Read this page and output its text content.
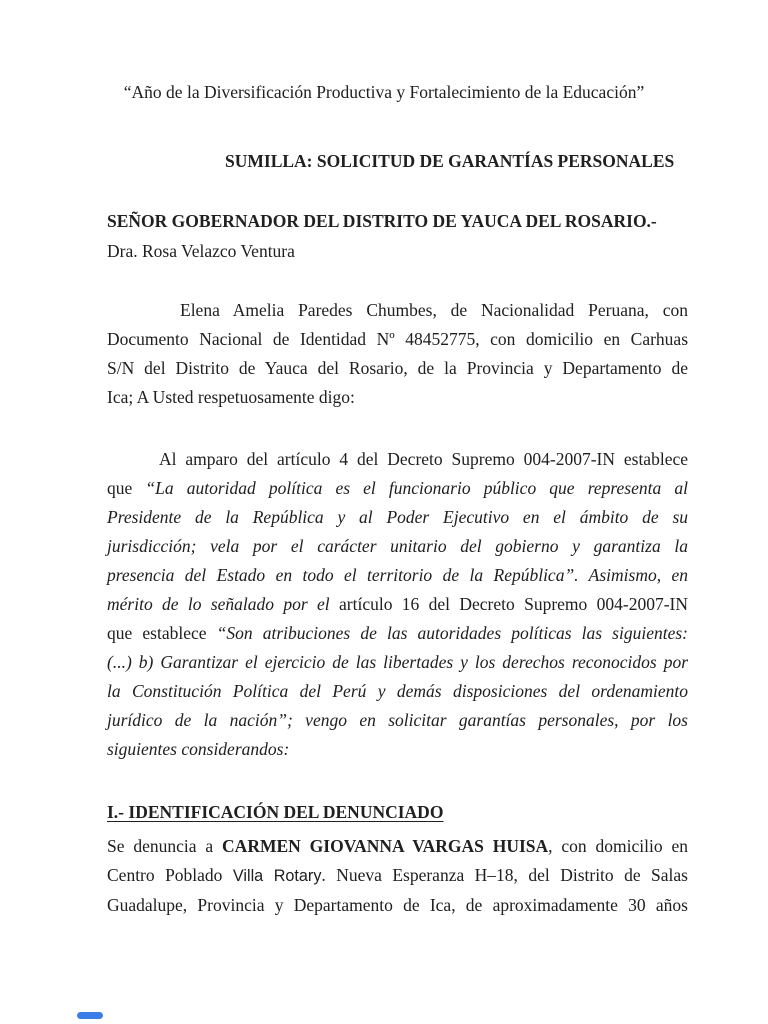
“Año de la Diversificación Productiva y Fortalecimiento de la Educación”
SUMILLA: SOLICITUD DE GARANTÍAS PERSONALES
SEÑOR GOBERNADOR DEL DISTRITO DE YAUCA DEL ROSARIO.-
Dra. Rosa Velazco Ventura
Elena Amelia Paredes Chumbes, de Nacionalidad Peruana, con
Documento Nacional de Identidad Nº 48452775, con domicilio en Carhuas
S/N del Distrito de Yauca del Rosario, de la Provincia y Departamento de
Ica; A Usted respetuosamente digo:
Al amparo del artículo 4 del Decreto Supremo 004-2007-IN establece
que “La autoridad política es el funcionario público que representa al
Presidente de la República y al Poder Ejecutivo en el ámbito de su
jurisdicción; vela por el carácter unitario del gobierno y garantiza la
presencia del Estado en todo el territorio de la República”. Asimismo, en
mérito de lo señalado por el artículo 16 del Decreto Supremo 004-2007-IN
que establece “Son atribuciones de las autoridades políticas las siguientes:
(...) b) Garantizar el ejercicio de las libertades y los derechos reconocidos por
la Constitución Política del Perú y demás disposiciones del ordenamiento
jurídico de la nación”; vengo en solicitar garantías personales, por los
siguientes considerandos:
I.- IDENTIFICACIÓN DEL DENUNCIADO
Se denuncia a CARMEN GIOVANNA VARGAS HUISA, con domicilio en
Centro Poblado Villa Rotary. Nueva Esperanza H–18, del Distrito de Salas
Guadalupe, Provincia y Departamento de Ica, de aproximadamente 30 años
